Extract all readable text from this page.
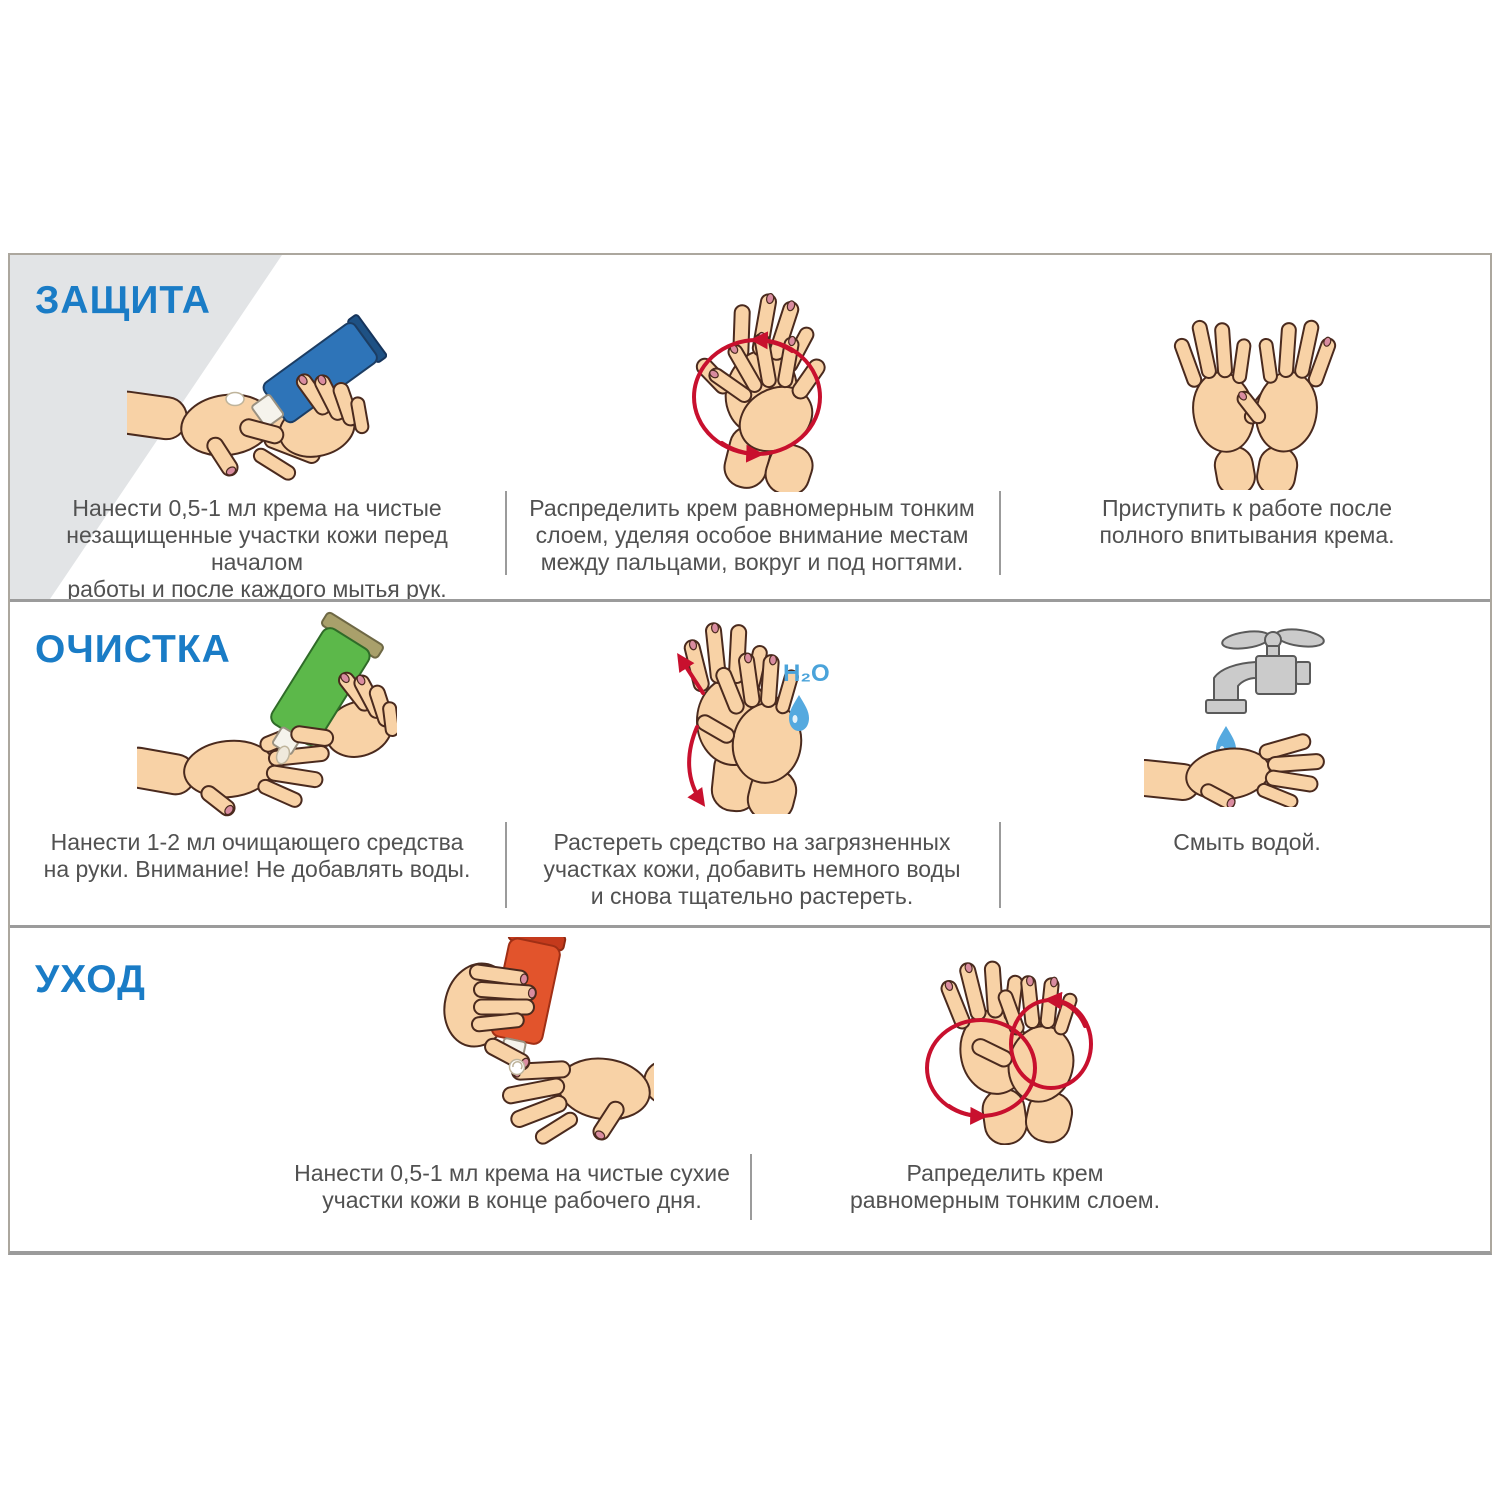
ЗАЩИТА
Нанести 0,5-1 мл крема на чистые
незащищенные участки кожи перед началом
работы и после каждого мытья рук.
Распределить крем равномерным тонким
слоем, уделяя особое внимание местам
между пальцами, вокруг и под ногтями.
Приступить к работе после
полного впитывания крема.
ОЧИСТКА
H₂O
Нанести 1-2 мл очищающего средства
на руки. Внимание! Не добавлять воды.
Растереть средство на загрязненных
участках кожи, добавить немного воды
и снова тщательно растереть.
Смыть водой.
УХОД
Нанести 0,5-1 мл крема на чистые сухие
участки кожи в конце рабочего дня.
Рапределить крем
равномерным тонким слоем.
